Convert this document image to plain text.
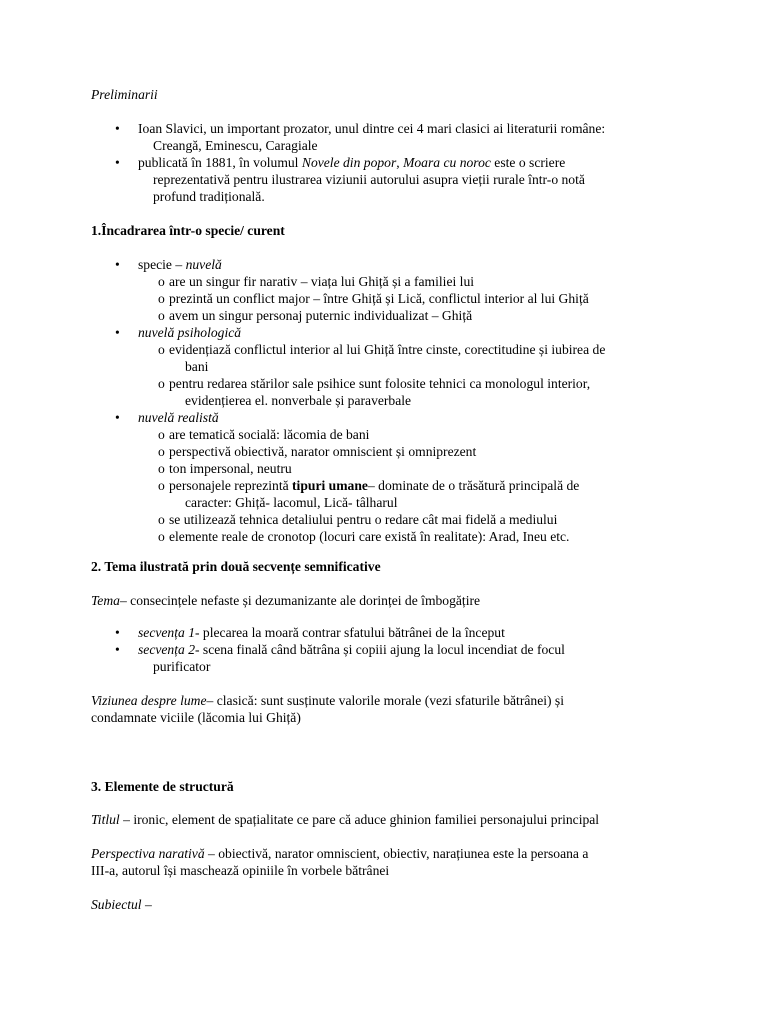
Preliminarii

• Ioan Slavici, un important prozator, unul dintre cei 4 mari clasici ai literaturii române:
Creangă, Eminescu, Caragiale
• publicată în 1881, în volumul Novele din popor, Moara cu noroc este o scriere
reprezentativă pentru ilustrarea viziunii autorului asupra vieții rurale într-o notă
profund tradițională.
1.Încadrarea într-o specie/ curent
• specie – nuvelă
o are un singur fir narativ – viața lui Ghiță și a familiei lui
o prezintă un conflict major – între Ghiță și Lică, conflictul interior al lui Ghiță
o avem un singur personaj puternic individualizat – Ghiță
• nuvelă psihologică
o evidențiază conflictul interior al lui Ghiță între cinste, corectitudine și iubirea de
bani
o pentru redarea stărilor sale psihice sunt folosite tehnici ca monologul interior,
evidențierea el. nonverbale și paraverbale
• nuvelă realistă
o are tematică socială: lăcomia de bani
o perspectivă obiectivă, narator omniscient și omniprezent
o ton impersonal, neutru
o personajele reprezintă tipuri umane– dominate de o trăsătură principală de
caracter: Ghiță- lacomul, Lică- tâlharul
o se utilizează tehnica detaliului pentru o redare cât mai fidelă a mediului
o elemente reale de cronotop (locuri care există în realitate): Arad, Ineu etc.
2. Tema ilustrată prin două secvențe semnificative

Tema– consecințele nefaste și dezumanizante ale dorinței de îmbogățire

• secvența 1- plecarea la moară contrar sfatului bătrânei de la început
• secvența 2- scena finală când bătrâna și copiii ajung la locul incendiat de focul
purificator

Viziunea despre lume– clasică: sunt susținute valorile morale (vezi sfaturile bătrânei) și
condamnate viciile (lăcomia lui Ghiță)

3. Elemente de structură

Titlul – ironic, element de spațialitate ce pare că aduce ghinion familiei personajului principal

Perspectiva narativă – obiectivă, narator omniscient, obiectiv, narațiunea este la persoana a
III-a, autorul își maschează opiniile în vorbele bătrânei

Subiectul –
